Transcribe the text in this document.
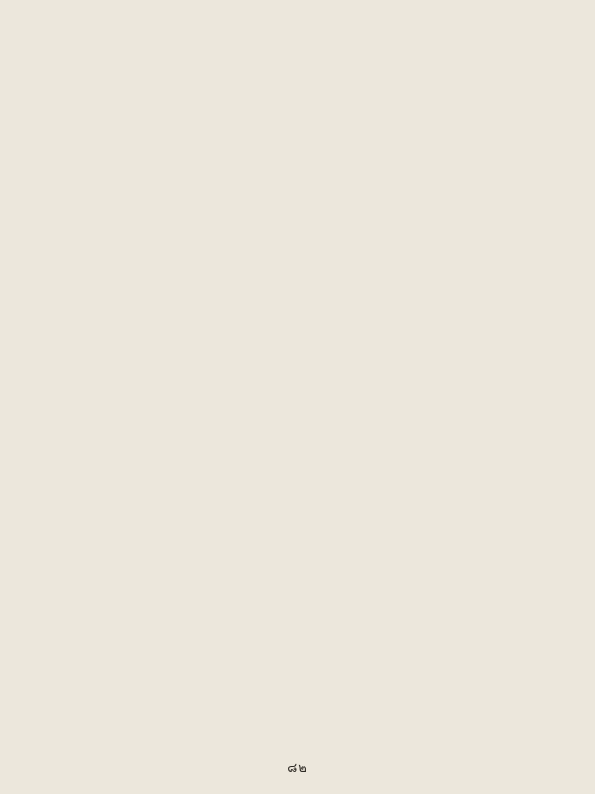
๘๒
